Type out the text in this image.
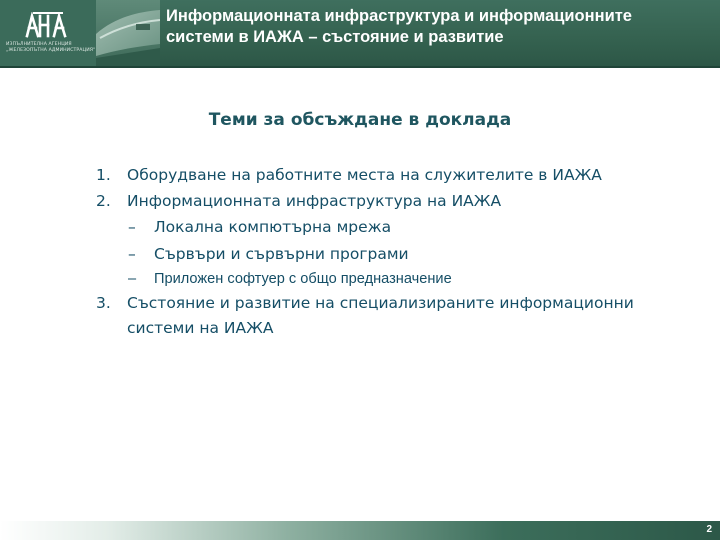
ИЗПЪЛНИТЕЛНА АГЕНЦИЯ
„ЖЕЛЕЗОПЪТНА АДМИНИСТРАЦИЯ“
Информационната инфраструктура и информационните
системи в ИАЖА – състояние и развитие
Теми за обсъждане в доклада
1. Оборудване на работните места на служителите в ИАЖА
2. Информационната инфраструктура на ИАЖА
– Локална компютърна мрежа
– Сървъри и сървърни програми
– Приложен софтуер с общо предназначение
3. Състояние и развитие на специализираните информационни
системи на ИАЖА
2
